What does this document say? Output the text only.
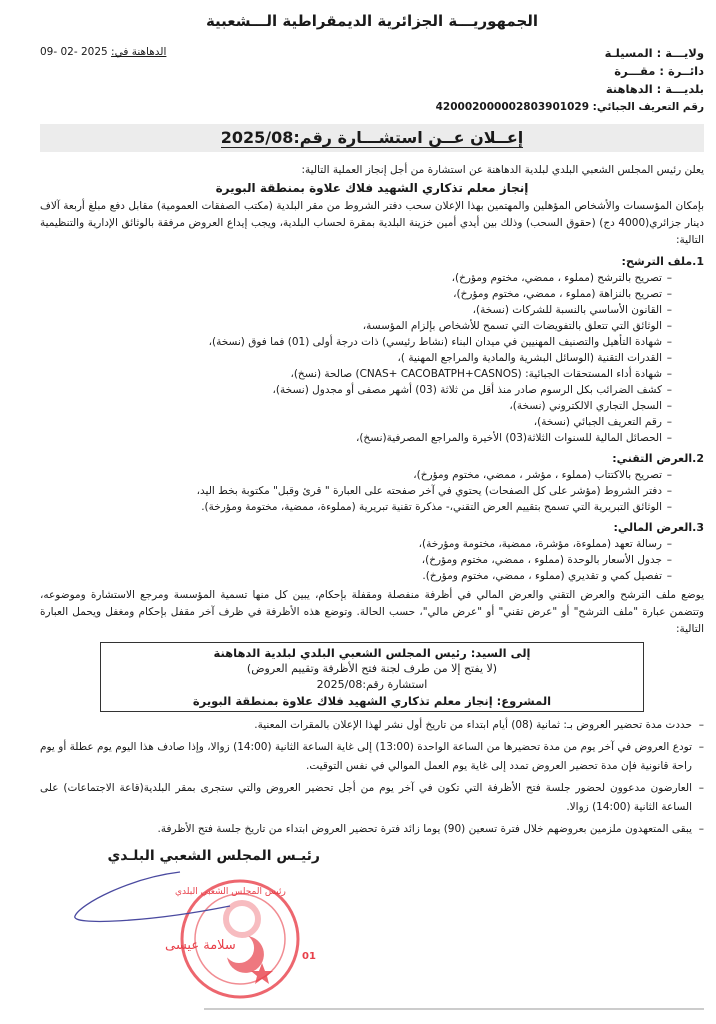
الجمهوريـــة الجزائرية الديمقراطية الـــشعبية
ولايـــة : المسيلـة
دائــرة : مقـــرة
بلديـــة : الدهاهنة
رقم التعريف الجبائي: 420002000002803901029
09- 02- 2025 الدهاهنة في:
إعــلان عــن استشـــارة رقم:2025/08
يعلن رئيس المجلس الشعبي البلدي لبلدية الدهاهنة عن استشارة من أجل إنجاز العملية التالية:
إنجاز معلم تذكاري الشهيد فلاك علاوة بمنطقة البويرة
بإمكان المؤسسات والأشخاص المؤهلين والمهتمين بهذا الإعلان سحب دفتر الشروط من مقر البلدية (مكتب الصفقات العمومية) مقابل دفع مبلغ أربعة آلاف دينار جزائري(4000 دج) (حقوق السحب) وذلك بين أيدي أمين خزينة البلدية بمقرة لحساب البلدية، ويجب إيداع العروض مرفقة بالوثائق الإدارية والتنظيمية التالية:
1.ملف الترشح:
– تصريح بالترشح (مملوء ، ممضي، مختوم ومؤرخ)،
– تصريح بالنزاهة (مملوء ، ممضي، مختوم ومؤرخ)،
– القانون الأساسي بالنسبة للشركات (نسخة)،
– الوثائق التي تتعلق بالتفويضات التي تسمح للأشخاص بإلزام المؤسسة،
– شهادة التأهيل والتصنيف المهنيين في ميدان البناء (نشاط رئيسي) ذات درجة أولى (01) فما فوق (نسخة)،
– القدرات التقنية (الوسائل البشرية والمادية والمراجع المهنية )،
– شهادة أداء المستحقات الجبائية: (CNAS+ CACOBATPH+CASNOS) صالحة (نسخ)،
– كشف الضرائب بكل الرسوم صادر منذ أقل من ثلاثة (03) أشهر مصفى أو مجدول (نسخة)،
– السجل التجاري الالكتروني (نسخة)،
– رقم التعريف الجبائي (نسخة)،
– الحصائل المالية للسنوات الثلاثة(03) الأخيرة والمراجع المصرفية(نسخ)،
2.العرض التقني:
– تصريح بالاكتتاب (مملوء ، مؤشر ، ممضي، مختوم ومؤرخ)،
– دفتر الشروط (مؤشر على كل الصفحات) يحتوي في آخر صفحته على العبارة " قرئ وقبل" مكتوبة بخط اليد،
– الوثائق التبريرية التي تسمح بتقييم العرض التقني،- مذكرة تقنية تبريرية (مملوءة، ممضية، مختومة ومؤرخة).
3.العرض المالي:
– رسالة تعهد (مملوءة، مؤشرة، ممضية، مختومة ومؤرخة)،
– جدول الأسعار بالوحدة (مملوء ، ممضي، مختوم ومؤرخ)،
– تفصيل كمي و تقديري (مملوء ، ممضي، مختوم ومؤرخ).
يوضع ملف الترشح والعرض التقني والعرض المالي في أظرفة منفصلة ومقفلة بإحكام، يبين كل منها تسمية المؤسسة ومرجع الاستشارة وموضوعه، وتتضمن عبارة "ملف الترشح" أو "عرض تقني" أو "عرض مالي"، حسب الحالة. وتوضع هذه الأظرفة في ظرف آخر مقفل بإحكام ومغفل ويحمل العبارة التالية:
إلى السيد: رئيس المجلس الشعبي البلدي لبلدية الدهاهنة
(لا يفتح إلا من طرف لجنة فتح الأظرفة وتقييم العروض)
استشارة رقم:2025/08
المشروع: إنجاز معلم تذكاري الشهيد فلاك علاوة بمنطقة البويرة
– حددت مدة تحضير العروض بـ: ثمانية (08) أيام ابتداء من تاريخ أول نشر لهذا الإعلان بالمقرات المعنية.
– تودع العروض في آخر يوم من مدة تحضيرها من الساعة الواحدة (13:00) إلى غاية الساعة الثانية (14:00) زوالا، وإذا صادف هذا اليوم يوم عطلة أو يوم راحة قانونية فإن مدة تحضير العروض تمدد إلى غاية يوم العمل الموالي في نفس التوقيت.
– العارضون مدعوون لحضور جلسة فتح الأظرفة التي تكون في آخر يوم من أجل تحضير العروض والتي ستجرى بمقر البلدية(قاعة الاجتماعات) على الساعة الثانية (14:00) زوالا.
– يبقى المتعهدون ملزمين بعروضهم خلال فترة تسعين (90) يوما زائد فترة تحضير العروض ابتداء من تاريخ جلسة فتح الأظرفة.
رئيـس المجلس الشعبي البلـدي
01
رئيس المجلس الشعبي البلدي
سلامة عيسى
